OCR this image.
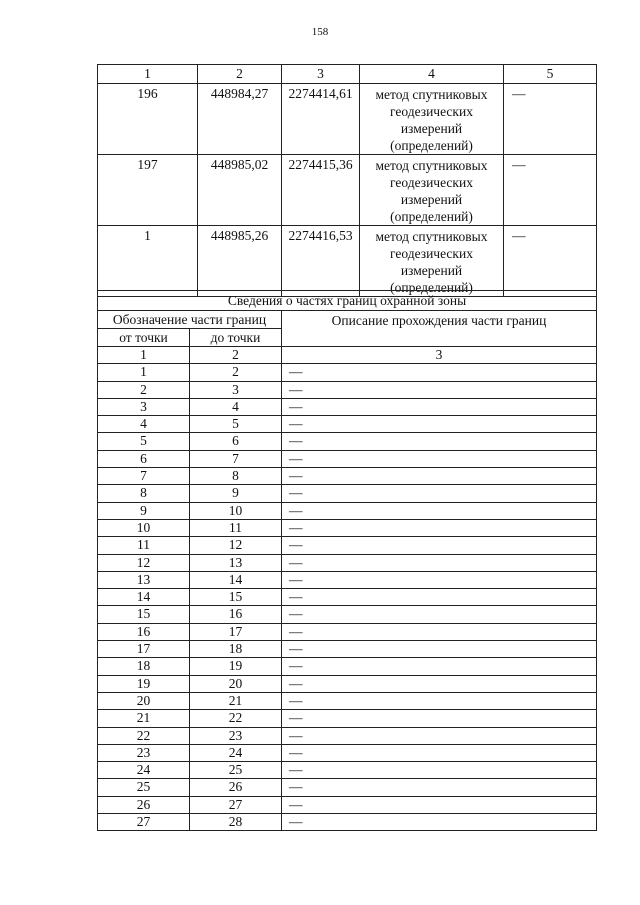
158
1	2	3	4	5
196	448984,27	2274414,61	метод спутниковых
геодезических
измерений
(определений)	—
197	448985,02	2274415,36	метод спутниковых
геодезических
измерений
(определений)	—
1	448985,26	2274416,53	метод спутниковых
геодезических
измерений
(определений)	—
Сведения о частях границ охранной зоны		
Обозначение части границ		Описание прохождения части границ
от точки	до точки	
1	2	3
1	2	—
2	3	—
3	4	—
4	5	—
5	6	—
6	7	—
7	8	—
8	9	—
9	10	—
10	11	—
11	12	—
12	13	—
13	14	—
14	15	—
15	16	—
16	17	—
17	18	—
18	19	—
19	20	—
20	21	—
21	22	—
22	23	—
23	24	—
24	25	—
25	26	—
26	27	—
27	28	—
